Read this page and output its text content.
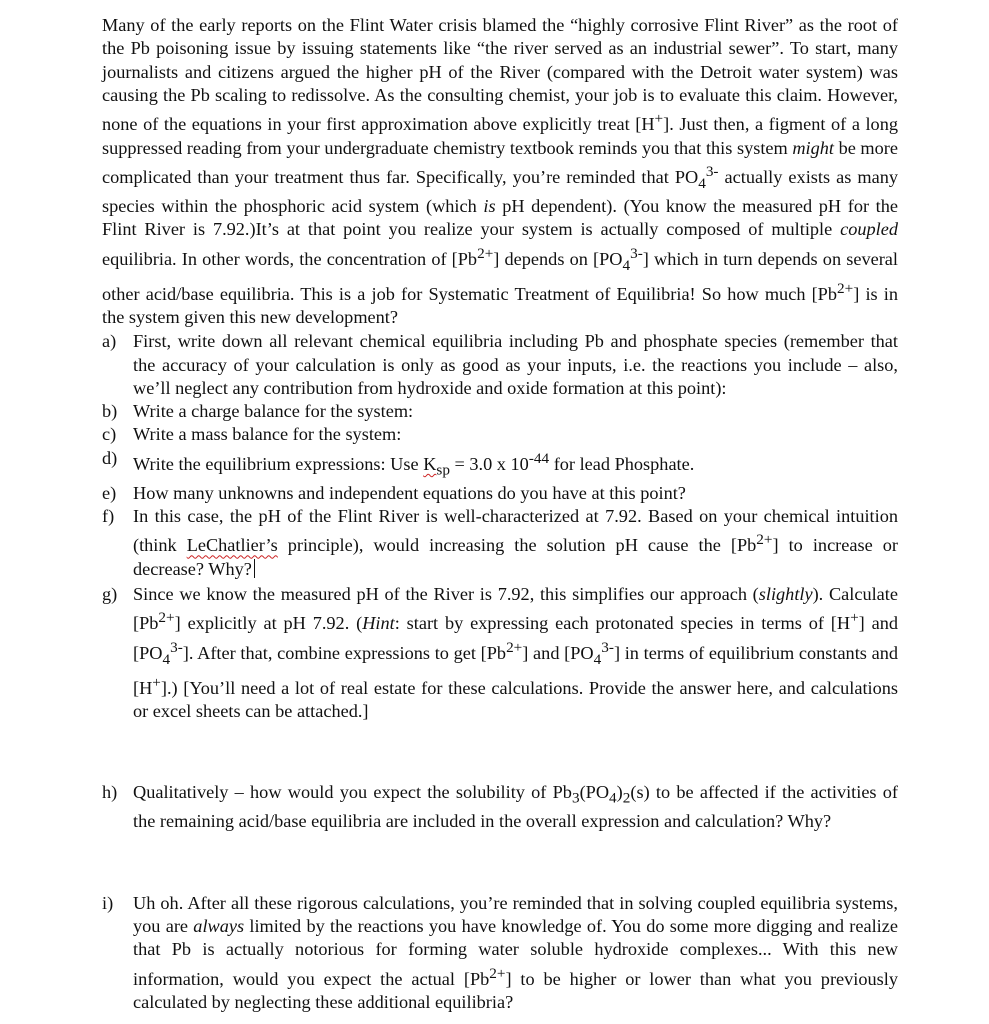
Many of the early reports on the Flint Water crisis blamed the “highly corrosive Flint River” as the root of the Pb poisoning issue by issuing statements like “the river served as an industrial sewer”. To start, many journalists and citizens argued the higher pH of the River (compared with the Detroit water system) was causing the Pb scaling to redissolve. As the consulting chemist, your job is to evaluate this claim. However, none of the equations in your first approximation above explicitly treat [H+]. Just then, a figment of a long suppressed reading from your undergraduate chemistry textbook reminds you that this system might be more complicated than your treatment thus far. Specifically, you’re reminded that $PO_4^{3-}$ actually exists as many species within the phosphoric acid system (which is pH dependent). (You know the measured pH for the Flint River is 7.92.)It’s at that point you realize your system is actually composed of multiple coupled equilibria. In other words, the concentration of $[Pb^{2+}]$ depends on $[PO_4^{3-}]$ which in turn depends on several other acid/base equilibria. This is a job for Systematic Treatment of Equilibria! So how much $[Pb^{2+}]$ is in the system given this new development?
a) First, write down all relevant chemical equilibria including Pb and phosphate species (remember that the accuracy of your calculation is only as good as your inputs, i.e. the reactions you include – also, we’ll neglect any contribution from hydroxide and oxide formation at this point):
b) Write a charge balance for the system:
c) Write a mass balance for the system:
d) Write the equilibrium expressions: Use $K_{sp} = 3.0$ x $10^{-44}$ for lead Phosphate.
e) How many unknowns and independent equations do you have at this point?
f)	In this case, the pH of the Flint River is well-characterized at 7.92. Based on your chemical intuition (think LeChatlier’s principle), would increasing the solution pH cause the $[Pb^{2+}]$ to increase or decrease? Why?
g) Since we know the measured pH of the River is 7.92, this simplifies our approach (slightly). Calculate $[Pb^{2+}]$ explicitly at pH 7.92. (Hint: start by expressing each protonated species in terms of [H+] and $[PO_4^{3-}]$. After that, combine expressions to get $[Pb^{2+}]$ and $[PO_4^{3-}]$ in terms of equilibrium constants and [H+].) [You’ll need a lot of real estate for these calculations. Provide the answer here, and calculations or excel sheets can be attached.]
h) Qualitatively – how would you expect the solubility of $Pb_3(PO_4)_2(s)$ to be affected if the activities of the remaining acid/base equilibria are included in the overall expression and calculation? Why?
i)	Uh oh. After all these rigorous calculations, you’re reminded that in solving coupled equilibria systems, you are always limited by the reactions you have knowledge of. You do some more digging and realize that Pb is actually notorious for forming water soluble hydroxide complexes... With this new information, would you expect the actual $[Pb^{2+}]$ to be higher or lower than what you previously calculated by neglecting these additional equilibria?
